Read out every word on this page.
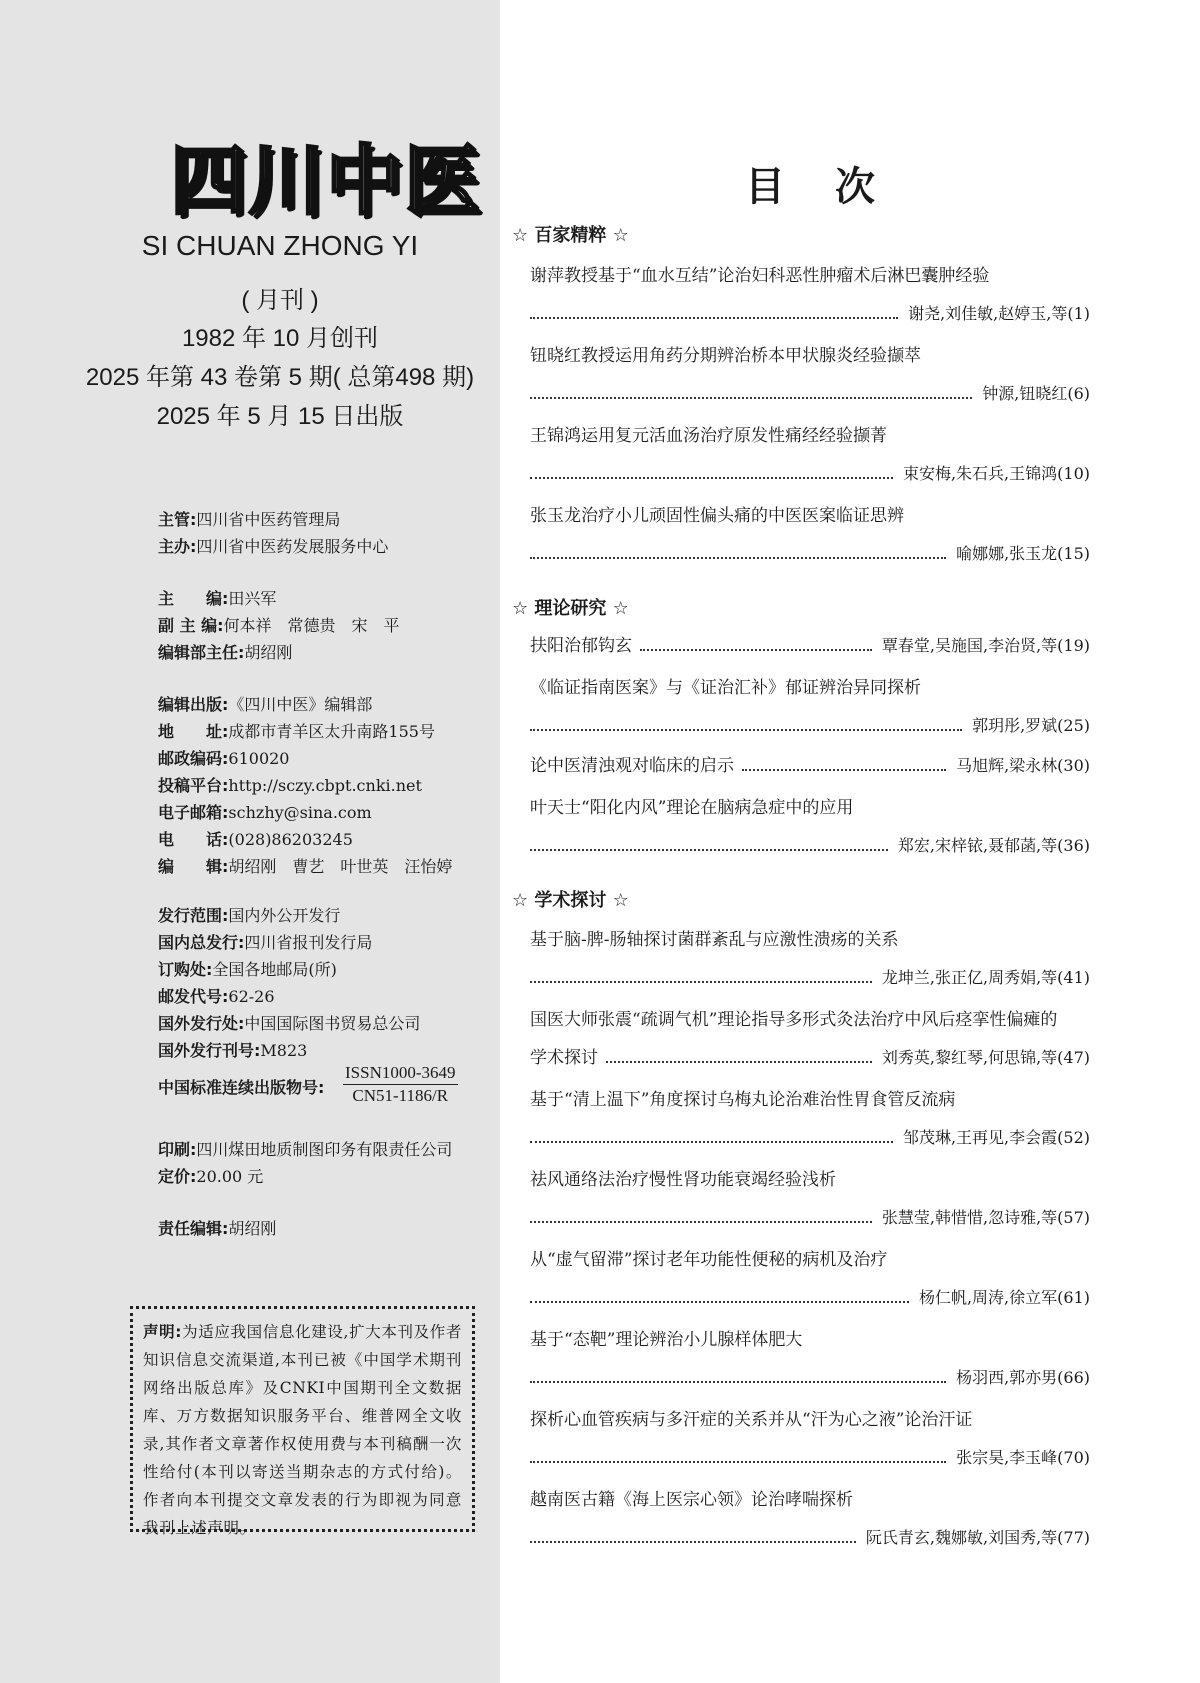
四川中医
SI CHUAN ZHONG YI
( 月刊 )
1982 年 10 月创刊
2025 年第 43 卷第 5 期( 总第498 期)
2025 年 5 月 15 日出版
主管:四川省中医药管理局
主办:四川省中医药发展服务中心
主　　编:田兴军
副 主 编:何本祥　常德贵　宋　平
编辑部主任:胡绍刚
编辑出版:《四川中医》编辑部
地　　址:成都市青羊区太升南路155号
邮政编码:610020
投稿平台:http://sczy.cbpt.cnki.net
电子邮箱:schzhy@sina.com
电　　话:(028)86203245
编　　辑:胡绍刚　曹艺　叶世英　汪怡婷
发行范围:国内外公开发行
国内总发行:四川省报刊发行局
订购处:全国各地邮局(所)
邮发代号:62-26
国外发行处:中国国际图书贸易总公司
国外发行刊号:M823
中国标准连续出版物号:
ISSN1000-3649
CN51-1186/R
印刷:四川煤田地质制图印务有限责任公司
定价:20.00 元
责任编辑:胡绍刚
声明:为适应我国信息化建设,扩大本刊及作者知识信息交流渠道,本刊已被《中国学术期刊网络出版总库》及CNKI中国期刊全文数据库、万方数据知识服务平台、维普网全文收录,其作者文章著作权使用费与本刊稿酬一次性给付(本刊以寄送当期杂志的方式付给)。作者向本刊提交文章发表的行为即视为同意我刊上述声明。
目次
☆ 百家精粹 ☆
谢萍教授基于“血水互结”论治妇科恶性肿瘤术后淋巴囊肿经验
谢尧,刘佳敏,赵婷玉,等(1)
钮晓红教授运用角药分期辨治桥本甲状腺炎经验撷萃
钟源,钮晓红(6)
王锦鸿运用复元活血汤治疗原发性痛经经验撷菁
束安梅,朱石兵,王锦鸿(10)
张玉龙治疗小儿顽固性偏头痛的中医医案临证思辨
喻娜娜,张玉龙(15)
☆ 理论研究 ☆
扶阳治郁钩玄	覃春堂,吴施国,李治贤,等(19)
《临证指南医案》与《证治汇补》郁证辨治异同探析
郭玥彤,罗斌(25)
论中医清浊观对临床的启示	马旭辉,梁永林(30)
叶天士“阳化内风”理论在脑病急症中的应用
郑宏,宋梓铱,聂郁菡,等(36)
☆ 学术探讨 ☆
基于脑-脾-肠轴探讨菌群紊乱与应激性溃疡的关系
龙坤兰,张正亿,周秀娟,等(41)
国医大师张震“疏调气机”理论指导多形式灸法治疗中风后痉挛性偏瘫的
学术探讨	刘秀英,黎红琴,何思锦,等(47)
基于“清上温下”角度探讨乌梅丸论治难治性胃食管反流病
邹茂琳,王再见,李会霞(52)
祛风通络法治疗慢性肾功能衰竭经验浅析
张慧莹,韩惜惜,忽诗雅,等(57)
从“虚气留滞”探讨老年功能性便秘的病机及治疗
杨仁帆,周涛,徐立军(61)
基于“态靶”理论辨治小儿腺样体肥大
杨羽西,郭亦男(66)
探析心血管疾病与多汗症的关系并从“汗为心之液”论治汗证
张宗昊,李玉峰(70)
越南医古籍《海上医宗心领》论治哮喘探析
阮氏青玄,魏娜敏,刘国秀,等(77)
